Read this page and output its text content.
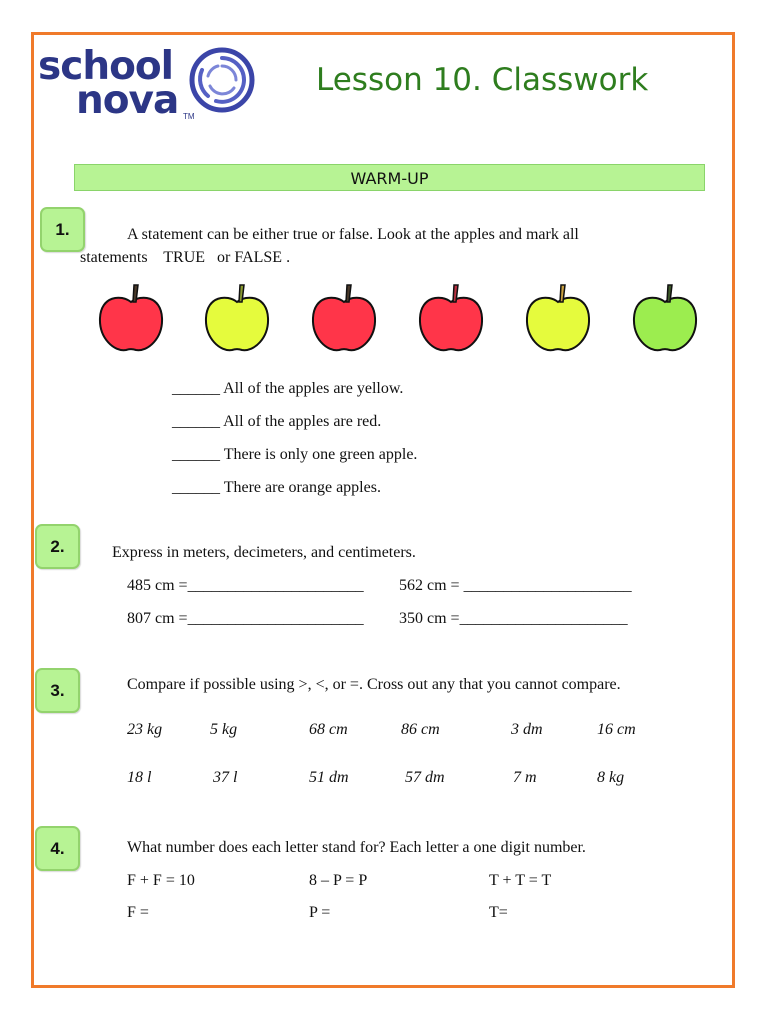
school
nova TM
Lesson 10. Classwork
WARM-UP
1.	A statement can be either true or false. Look at the apples and mark all
statements    TRUE   or FALSE .
______ All of the apples are yellow.
______ All of the apples are red.
______ There is only one green apple.
______ There are orange apples.
2.	Express in meters, decimeters, and centimeters.
485 cm =______________________ 562 cm = _____________________
807 cm =______________________ 350 cm =_____________________
3.	Compare if possible using >, <, or =. Cross out any that you cannot compare.
23 kg	5 kg	68 cm	86 cm	3 dm	16 cm
18 l	37 l	51 dm	57 dm	7 m	8 kg
4.	What number does each letter stand for? Each letter a one digit number.
F + F = 10	8 – P = P	T + T = T
F =	P =	T=
